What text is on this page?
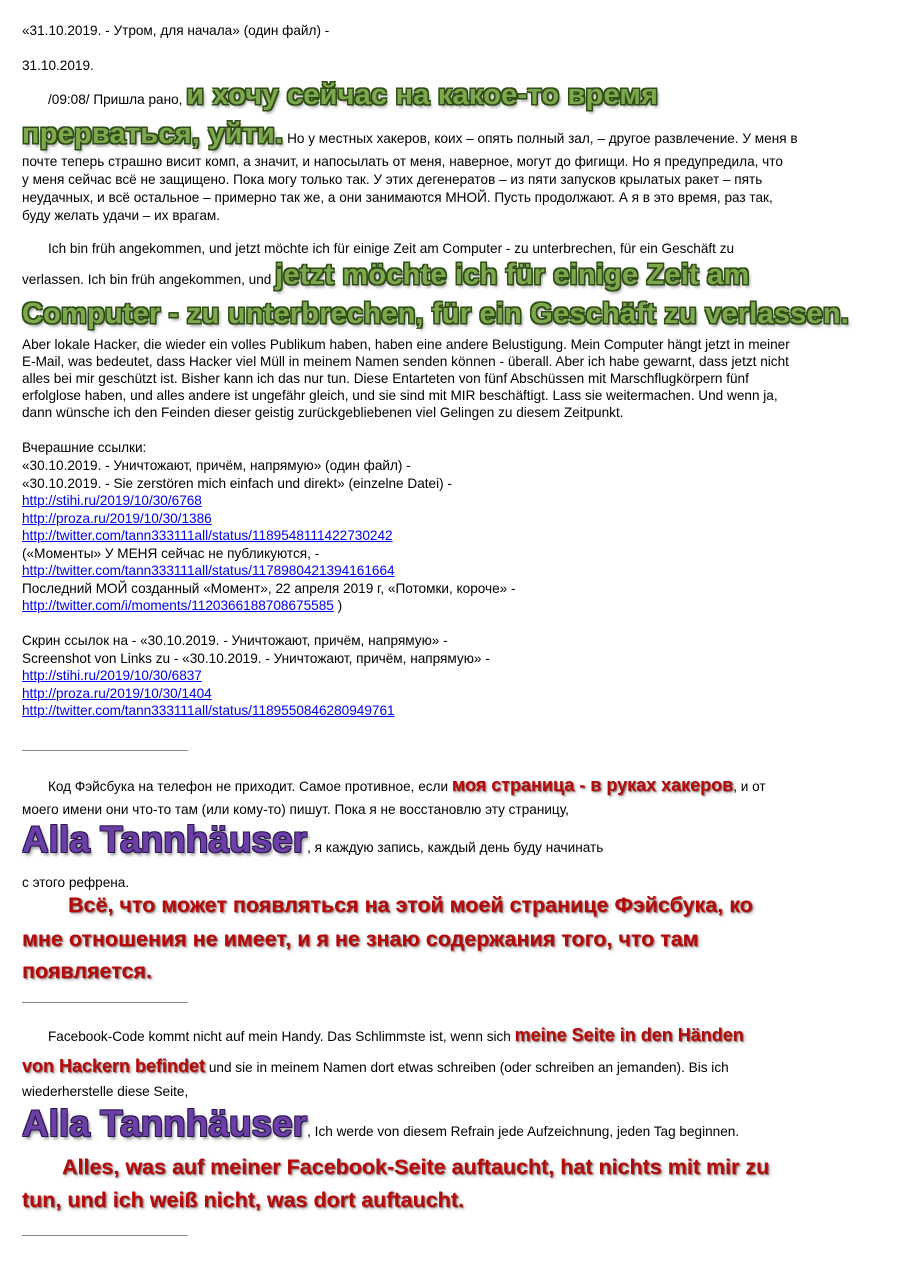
«31.10.2019. - Утром, для начала» (один файл) -

31.10.2019.

/09:08/ Пришла рано, и хочу сейчас на какое-то время

прерваться, уйти. Но у местных хакеров, коих – опять полный зал, – другое развлечение. У меня в

почте теперь страшно висит комп, а значит, и напосылать от меня, наверное, могут до фигищи. Но я предупредила, что

у меня сейчас всё не защищено. Пока могу только так. У этих дегенератов – из пяти запусков крылатых ракет – пять

неудачных, и всё остальное – примерно так же, а они занимаются МНОЙ. Пусть продолжают. А я в это время, раз так,

буду желать удачи – их врагам.

Ich bin früh angekommen, und jetzt möchte ich für einige Zeit am Computer - zu unterbrechen, für ein Geschäft zu

verlassen. Ich bin früh angekommen, und jetzt möchte ich für einige Zeit am

Computer - zu unterbrechen, für ein Geschäft zu verlassen.

Aber lokale Hacker, die wieder ein volles Publikum haben, haben eine andere Belustigung. Mein Computer hängt jetzt in meiner

E-Mail, was bedeutet, dass Hacker viel Müll in meinem Namen senden können - überall. Aber ich habe gewarnt, dass jetzt nicht

alles bei mir geschützt ist. Bisher kann ich das nur tun. Diese Entarteten von fünf Abschüssen mit Marschflugkörpern fünf

erfolglose haben, und alles andere ist ungefähr gleich, und sie sind mit MIR beschäftigt. Lass sie weitermachen. Und wenn ja,

dann wünsche ich den Feinden dieser geistig zurückgebliebenen viel Gelingen zu diesem Zeitpunkt.

Вчерашние ссылки:

«30.10.2019. - Уничтожают, причём, напрямую» (один файл) -

«30.10.2019. - Sie zerstören mich einfach und direkt» (einzelne Datei) -

http://stihi.ru/2019/10/30/6768

http://proza.ru/2019/10/30/1386

http://twitter.com/tann333111all/status/1189548111422730242

(«Моменты» У МЕНЯ сейчас не публикуются, -

http://twitter.com/tann333111all/status/1178980421394161664

Последний МОЙ созданный «Момент», 22 апреля 2019 г, «Потомки, короче» -

http://twitter.com/i/moments/1120366188708675585 )

Скрин ссылок на - «30.10.2019. - Уничтожают, причём, напрямую» -

Screenshot von Links zu - «30.10.2019. - Уничтожают, причём, напрямую» -

http://stihi.ru/2019/10/30/6837

http://proza.ru/2019/10/30/1404

http://twitter.com/tann333111all/status/1189550846280949761

Код Фэйсбука на телефон не приходит. Самое противное, если моя страница - в руках хакеров, и от

моего имени они что-то там (или кому-то) пишут. Пока я не восстановлю эту страницу,

Alla Tannhäuser, я каждую запись, каждый день буду начинать

с этого рефрена.

Всё, что может появляться на этой моей странице Фэйсбука, ко

мне отношения не имеет, и я не знаю содержания того, что там

появляется.

Facebook-Code kommt nicht auf mein Handy. Das Schlimmste ist, wenn sich meine Seite in den Händen

von Hackern befindet und sie in meinem Namen dort etwas schreiben (oder schreiben an jemanden). Bis ich

wiederherstelle diese Seite,

Alla Tannhäuser, Ich werde von diesem Refrain jede Aufzeichnung, jeden Tag beginnen.

Alles, was auf meiner Facebook-Seite auftaucht, hat nichts mit mir zu

tun, und ich weiß nicht, was dort auftaucht.
